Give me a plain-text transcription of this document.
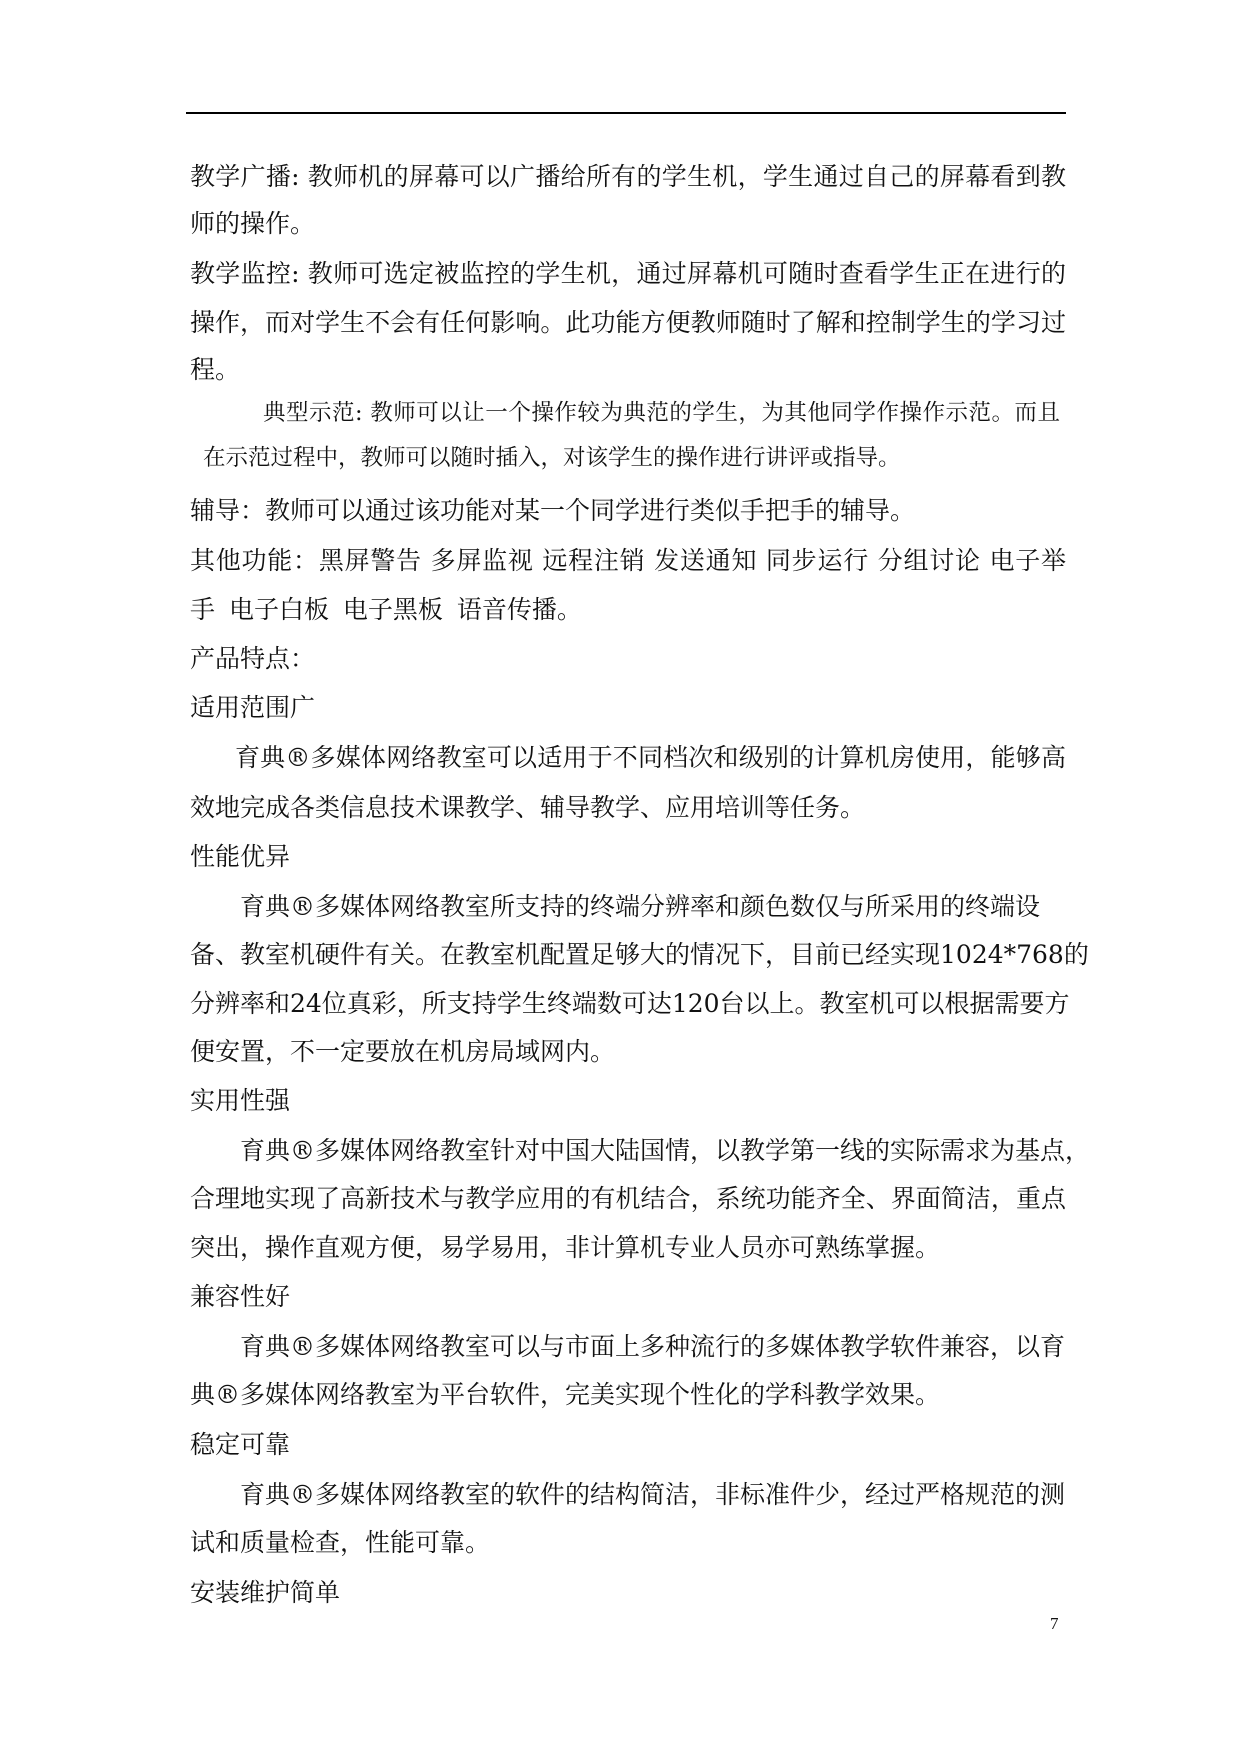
教学广播: 教师机的屏幕可以广播给所有的学生机，学生通过自己的屏幕看到教
师的操作。
教学监控: 教师可选定被监控的学生机，通过屏幕机可随时查看学生正在进行的
操作，而对学生不会有任何影响。此功能方便教师随时了解和控制学生的学习过
程。
典型示范: 教师可以让一个操作较为典范的学生，为其他同学作操作示范。而且
在示范过程中，教师可以随时插入，对该学生的操作进行讲评或指导。
辅导：教师可以通过该功能对某一个同学进行类似手把手的辅导。
其他功能：黑屏警告 多屏监视 远程注销 发送通知 同步运行 分组讨论 电子举
手 电子白板 电子黑板 语音传播。
产品特点：
适用范围广
育典®多媒体网络教室可以适用于不同档次和级别的计算机房使用，能够高
效地完成各类信息技术课教学、辅导教学、应用培训等任务。
性能优异
育典®多媒体网络教室所支持的终端分辨率和颜色数仅与所采用的终端设
备、教室机硬件有关。在教室机配置足够大的情况下，目前已经实现1024*768的
分辨率和24位真彩，所支持学生终端数可达120台以上。教室机可以根据需要方
便安置，不一定要放在机房局域网内。
实用性强
育典®多媒体网络教室针对中国大陆国情，以教学第一线的实际需求为基点，
合理地实现了高新技术与教学应用的有机结合，系统功能齐全、界面简洁，重点
突出，操作直观方便，易学易用，非计算机专业人员亦可熟练掌握。
兼容性好
育典®多媒体网络教室可以与市面上多种流行的多媒体教学软件兼容，以育
典®多媒体网络教室为平台软件，完美实现个性化的学科教学效果。
稳定可靠
育典®多媒体网络教室的软件的结构简洁，非标准件少，经过严格规范的测
试和质量检查，性能可靠。
安装维护简单
7
